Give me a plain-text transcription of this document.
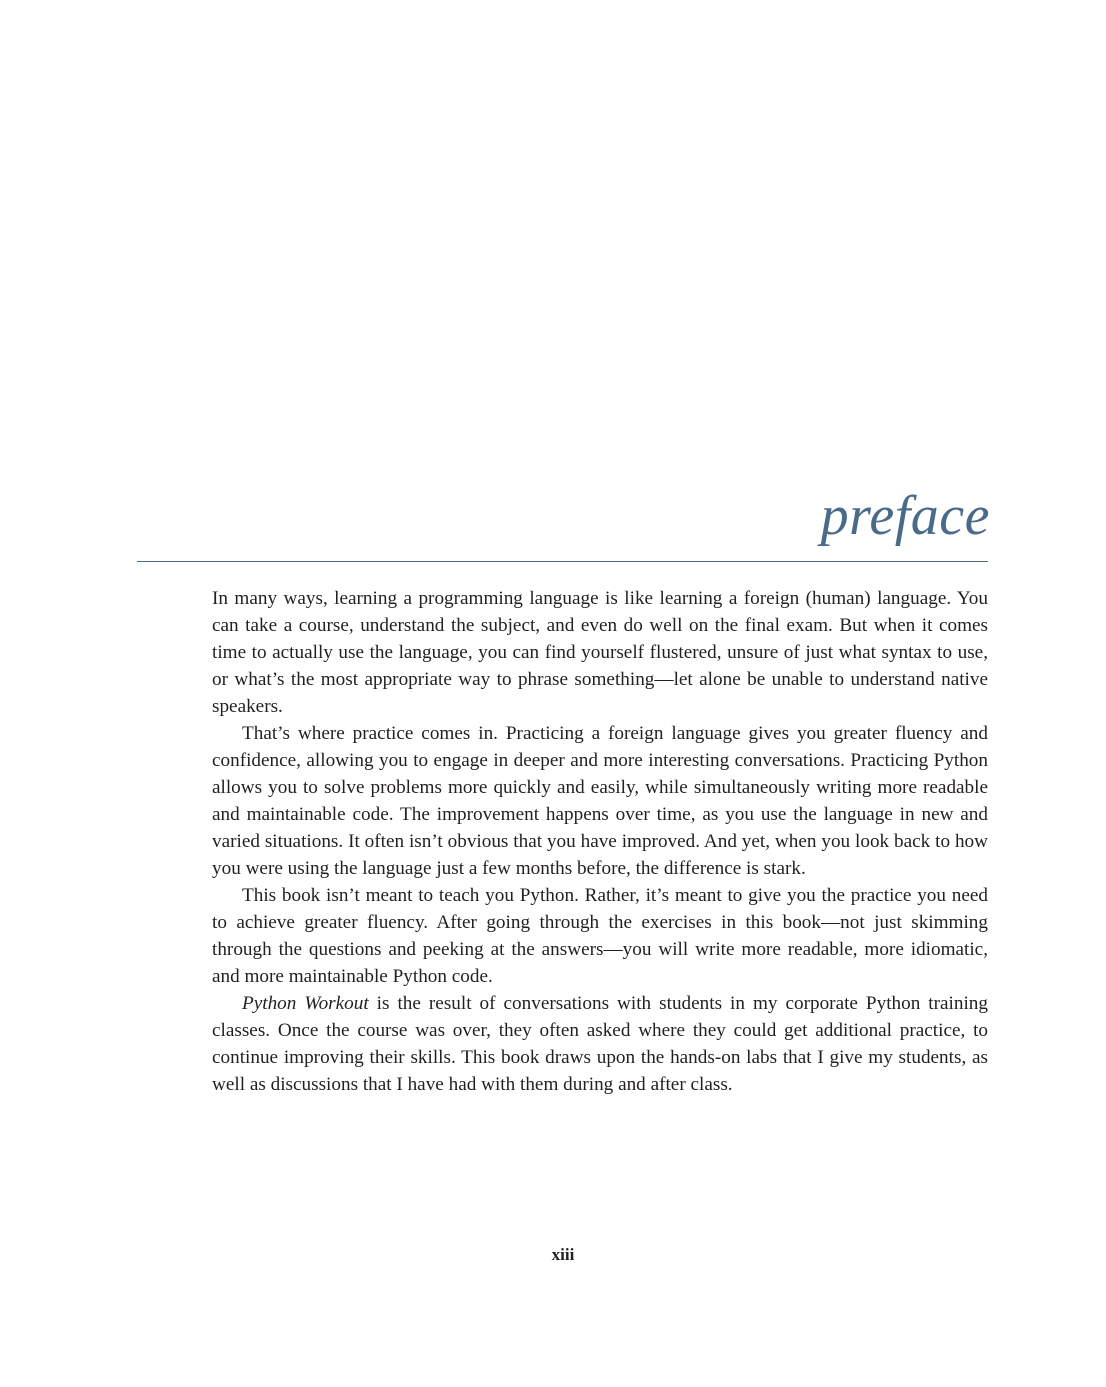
preface

In many ways, learning a programming language is like learning a foreign (human) language. You can take a course, understand the subject, and even do well on the final exam. But when it comes time to actually use the language, you can find yourself flustered, unsure of just what syntax to use, or what’s the most appropriate way to phrase something—let alone be unable to understand native speakers.

That’s where practice comes in. Practicing a foreign language gives you greater fluency and confidence, allowing you to engage in deeper and more interesting conversations. Practicing Python allows you to solve problems more quickly and easily, while simultaneously writing more readable and maintainable code. The improvement happens over time, as you use the language in new and varied situations. It often isn’t obvious that you have improved. And yet, when you look back to how you were using the language just a few months before, the difference is stark.

This book isn’t meant to teach you Python. Rather, it’s meant to give you the practice you need to achieve greater fluency. After going through the exercises in this book—not just skimming through the questions and peeking at the answers—you will write more readable, more idiomatic, and more maintainable Python code.

Python Workout is the result of conversations with students in my corporate Python training classes. Once the course was over, they often asked where they could get additional practice, to continue improving their skills. This book draws upon the hands-on labs that I give my students, as well as discussions that I have had with them during and after class.

xiii
